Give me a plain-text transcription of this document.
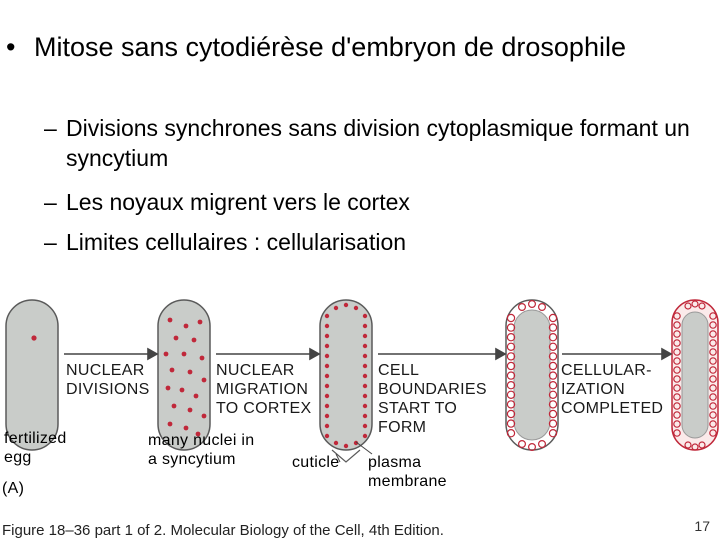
• Mitose sans cytodiérèse d'embryon de drosophile
– Divisions synchrones sans division cytoplasmique formant un syncytium
– Les noyaux migrent vers le cortex
– Limites cellulaires : cellularisation
NUCLEAR
DIVISIONS
NUCLEAR
MIGRATION
TO CORTEX
CELL
BOUNDARIES
START TO
FORM
CELLULAR-
IZATION
COMPLETED
fertilized
egg
many nuclei in
a syncytium	cuticle plasma
membrane
(A)
Figure 18–36 part 1 of 2. Molecular Biology of the Cell, 4th Edition.	17
